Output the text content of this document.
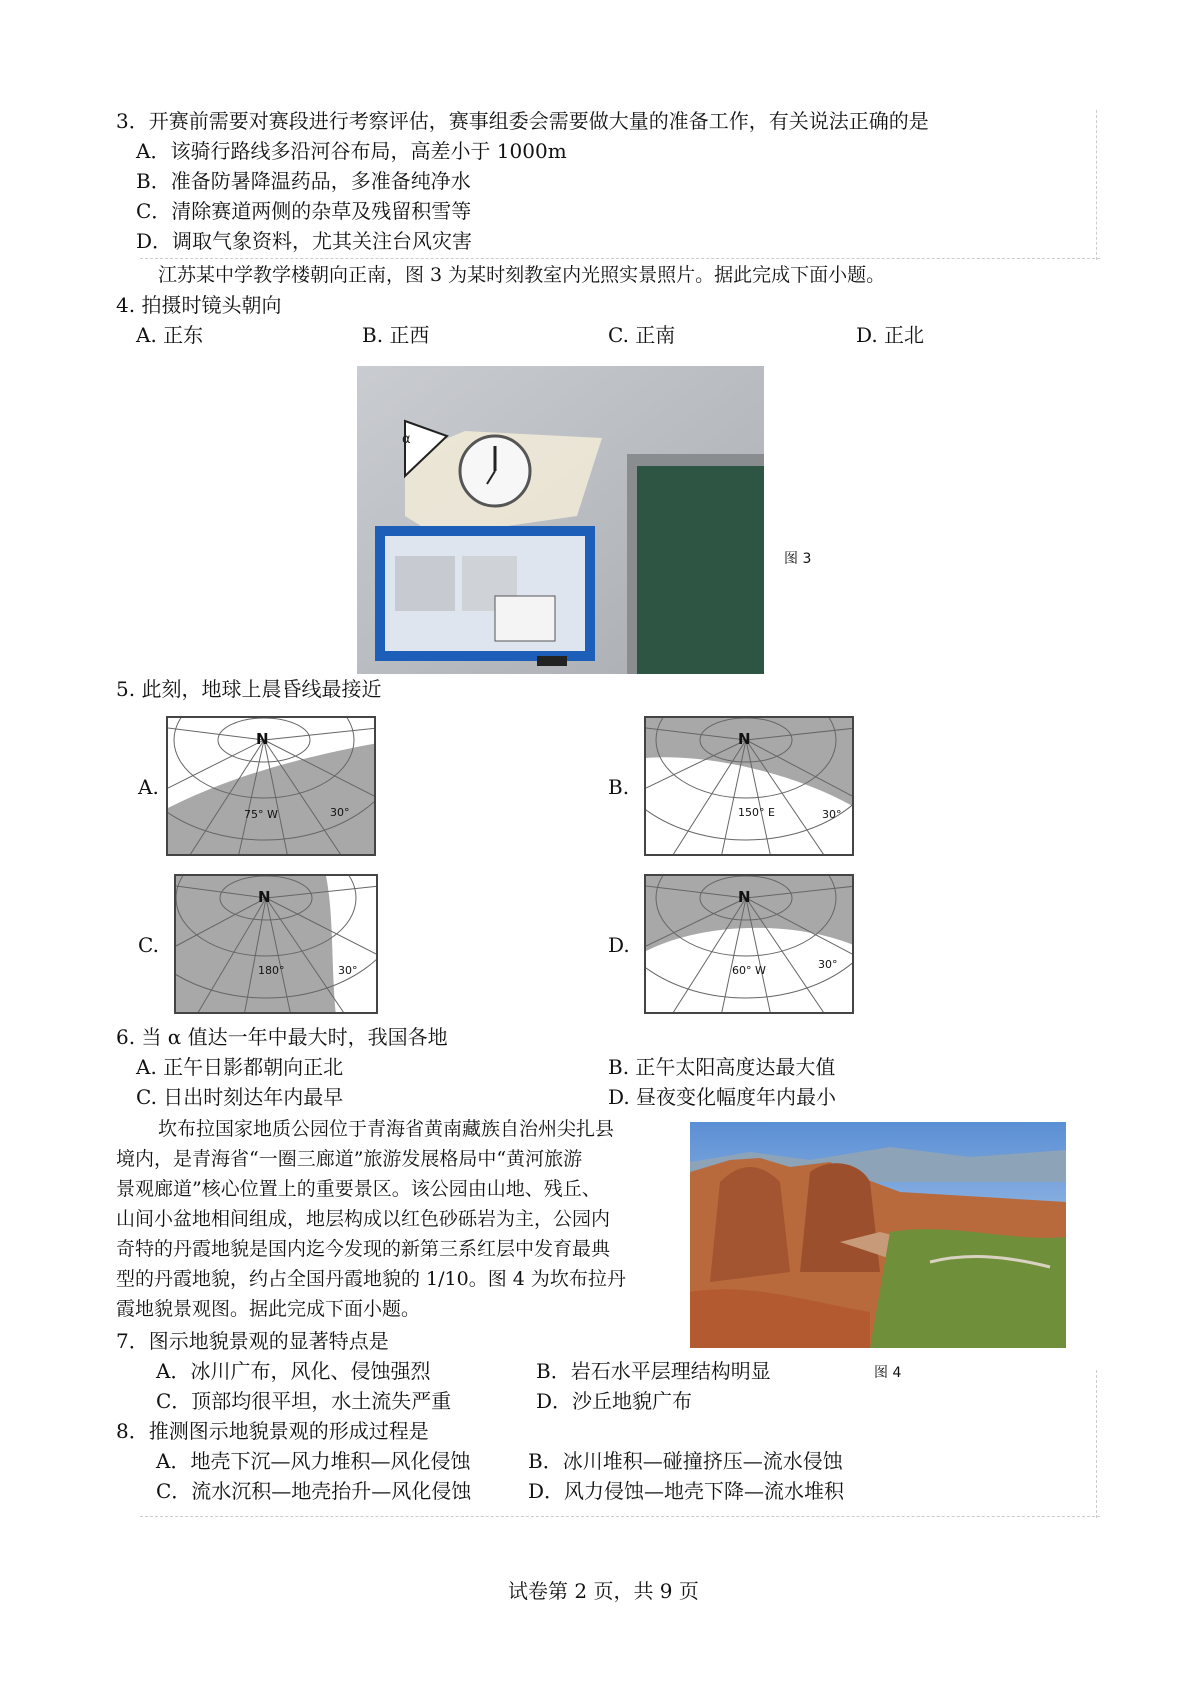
3．开赛前需要对赛段进行考察评估，赛事组委会需要做大量的准备工作，有关说法正确的是
A．该骑行路线多沿河谷布局，高差小于 1000m
B．准备防暑降温药品，多准备纯净水
C．清除赛道两侧的杂草及残留积雪等
D．调取气象资料，尤其关注台风灾害
江苏某中学教学楼朝向正南，图 3 为某时刻教室内光照实景照片。据此完成下面小题。
4. 拍摄时镜头朝向
A. 正东	B. 正西	C. 正南	D. 正北
α
图 3
5. 此刻，地球上晨昏线最接近
A.
N
75° W	30°
B.
N
150° E	30°
C.
N
180°	30°
D.
N
60° W	30°
6. 当 α 值达一年中最大时，我国各地
A. 正午日影都朝向正北	B. 正午太阳高度达最大值
C. 日出时刻达年内最早	D. 昼夜变化幅度年内最小
坎布拉国家地质公园位于青海省黄南藏族自治州尖扎县
境内，是青海省“一圈三廊道”旅游发展格局中“黄河旅游
景观廊道”核心位置上的重要景区。该公园由山地、残丘、
山间小盆地相间组成，地层构成以红色砂砾岩为主，公园内
奇特的丹霞地貌是国内迄今发现的新第三系红层中发育最典
型的丹霞地貌，约占全国丹霞地貌的 1/10。图 4 为坎布拉丹
霞地貌景观图。据此完成下面小题。
图 4
7．图示地貌景观的显著特点是
A．冰川广布，风化、侵蚀强烈	B．岩石水平层理结构明显
C．顶部均很平坦，水土流失严重	D．沙丘地貌广布
8．推测图示地貌景观的形成过程是
A．地壳下沉—风力堆积—风化侵蚀	B．冰川堆积—碰撞挤压—流水侵蚀
C．流水沉积—地壳抬升—风化侵蚀	D．风力侵蚀—地壳下降—流水堆积
试卷第 2 页，共 9 页
